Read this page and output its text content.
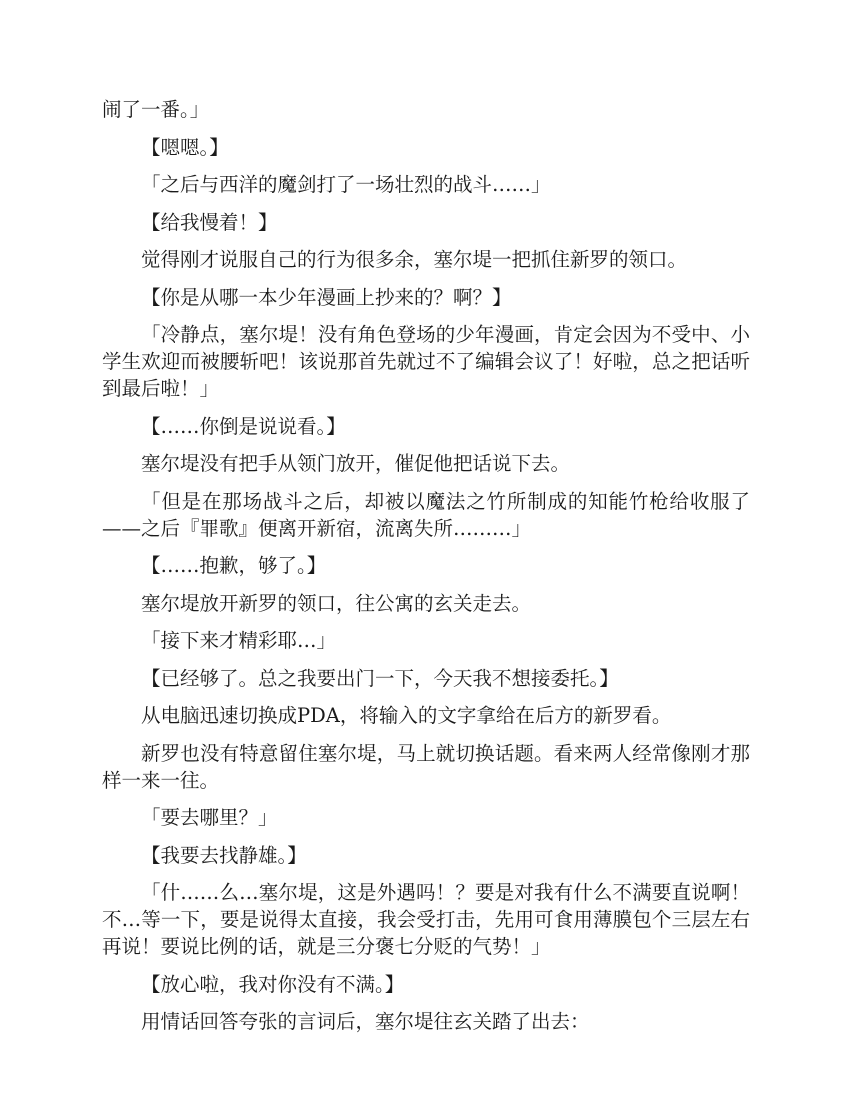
闹了一番。」

【嗯嗯。】

「之后与西洋的魔剑打了一场壮烈的战斗……」

【给我慢着！】

觉得刚才说服自己的行为很多余，塞尔堤一把抓住新罗的领口。

【你是从哪一本少年漫画上抄来的？啊？】

「冷静点，塞尔堤！没有角色登场的少年漫画，肯定会因为不受中、小学生欢迎而被腰斩吧！该说那首先就过不了编辑会议了！好啦，总之把话听到最后啦！」

【……你倒是说说看。】

塞尔堤没有把手从领门放开，催促他把话说下去。

「但是在那场战斗之后，却被以魔法之竹所制成的知能竹枪给收服了——之后『罪歌』便离开新宿，流离失所………」

【……抱歉，够了。】

塞尔堤放开新罗的领口，往公寓的玄关走去。

「接下来才精彩耶…」

【已经够了。总之我要出门一下，今天我不想接委托。】

从电脑迅速切换成PDA，将输入的文字拿给在后方的新罗看。

新罗也没有特意留住塞尔堤，马上就切换话题。看来两人经常像刚才那样一来一往。

「要去哪里？」

【我要去找静雄。】

「什……么…塞尔堤，这是外遇吗！？要是对我有什么不满要直说啊！不…等一下，要是说得太直接，我会受打击，先用可食用薄膜包个三层左右再说！要说比例的话，就是三分褒七分贬的气势！」

【放心啦，我对你没有不满。】

用情话回答夸张的言词后，塞尔堤往玄关踏了出去：
